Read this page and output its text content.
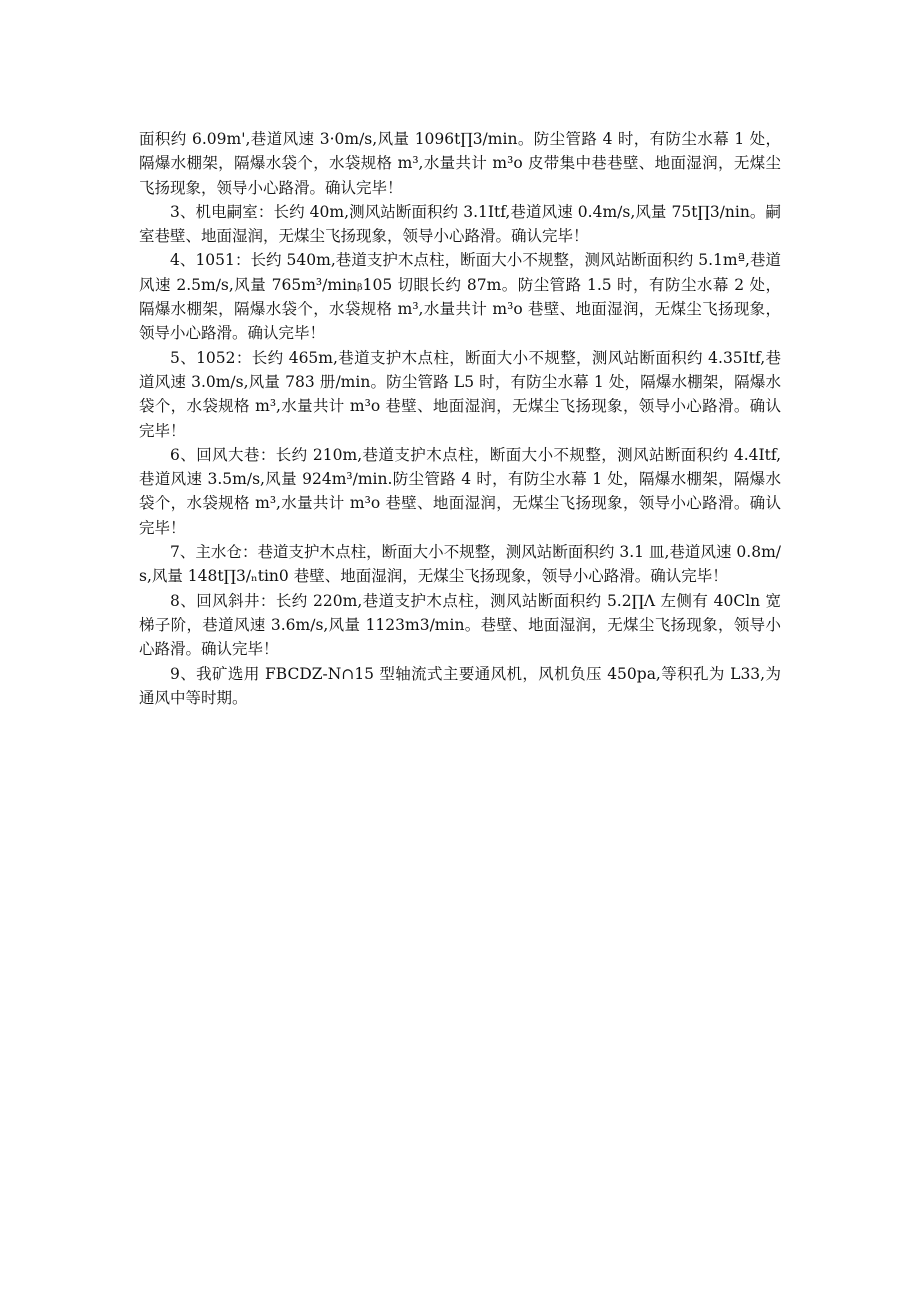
面积约 6.09m',巷道风速 3·0m∕s,风量 1096t∏3/min。防尘管路 4 时，有防尘水幕 1 处，隔爆水棚架，隔爆水袋个，水袋规格 m³,水量共计 m³o 皮带集中巷巷壁、地面湿润，无煤尘飞扬现象，领导小心路滑。确认完毕！

3、机电嗣室：长约 40m,测风站断面积约 3.1Itf,巷道风速 0.4m∕s,风量 75t∏3∕nin。嗣室巷壁、地面湿润，无煤尘飞扬现象，领导小心路滑。确认完毕！

4、1051：长约 540m,巷道支护木点柱，断面大小不规整，测风站断面积约 5.1mª,巷道风速 2.5m∕s,风量 765m³∕minᵦ105 切眼长约 87m。防尘管路 1.5 时，有防尘水幕 2 处，隔爆水棚架，隔爆水袋个，水袋规格 m³,水量共计 m³o 巷壁、地面湿润，无煤尘飞扬现象，领导小心路滑。确认完毕！

5、1052：长约 465m,巷道支护木点柱，断面大小不规整，测风站断面积约 4.35Itf,巷道风速 3.0m∕s,风量 783 册/min。防尘管路 L5 时，有防尘水幕 1 处，隔爆水棚架，隔爆水袋个，水袋规格 m³,水量共计 m³o 巷壁、地面湿润，无煤尘飞扬现象，领导小心路滑。确认完毕！

6、回风大巷：长约 210m,巷道支护木点柱，断面大小不规整，测风站断面积约 4.4Itf,巷道风速 3.5m∕s,风量 924m³∕min.防尘管路 4 时，有防尘水幕 1 处，隔爆水棚架，隔爆水袋个，水袋规格 m³,水量共计 m³o 巷壁、地面湿润，无煤尘飞扬现象，领导小心路滑。确认完毕！

7、主水仓：巷道支护木点柱，断面大小不规整，测风站断面积约 3.1 皿,巷道风速 0.8m/s,风量 148t∏3∕ₙtin0 巷壁、地面湿润，无煤尘飞扬现象，领导小心路滑。确认完毕！

8、回风斜井：长约 220m,巷道支护木点柱，测风站断面积约 5.2∏Λ 左侧有 40Cln 宽梯子阶，巷道风速 3.6m∕s,风量 1123m3/min。巷壁、地面湿润，无煤尘飞扬现象，领导小心路滑。确认完毕！

9、我矿选用 FBCDZ-N∩15 型轴流式主要通风机，风机负压 450pa,等积孔为 L33,为通风中等时期。
